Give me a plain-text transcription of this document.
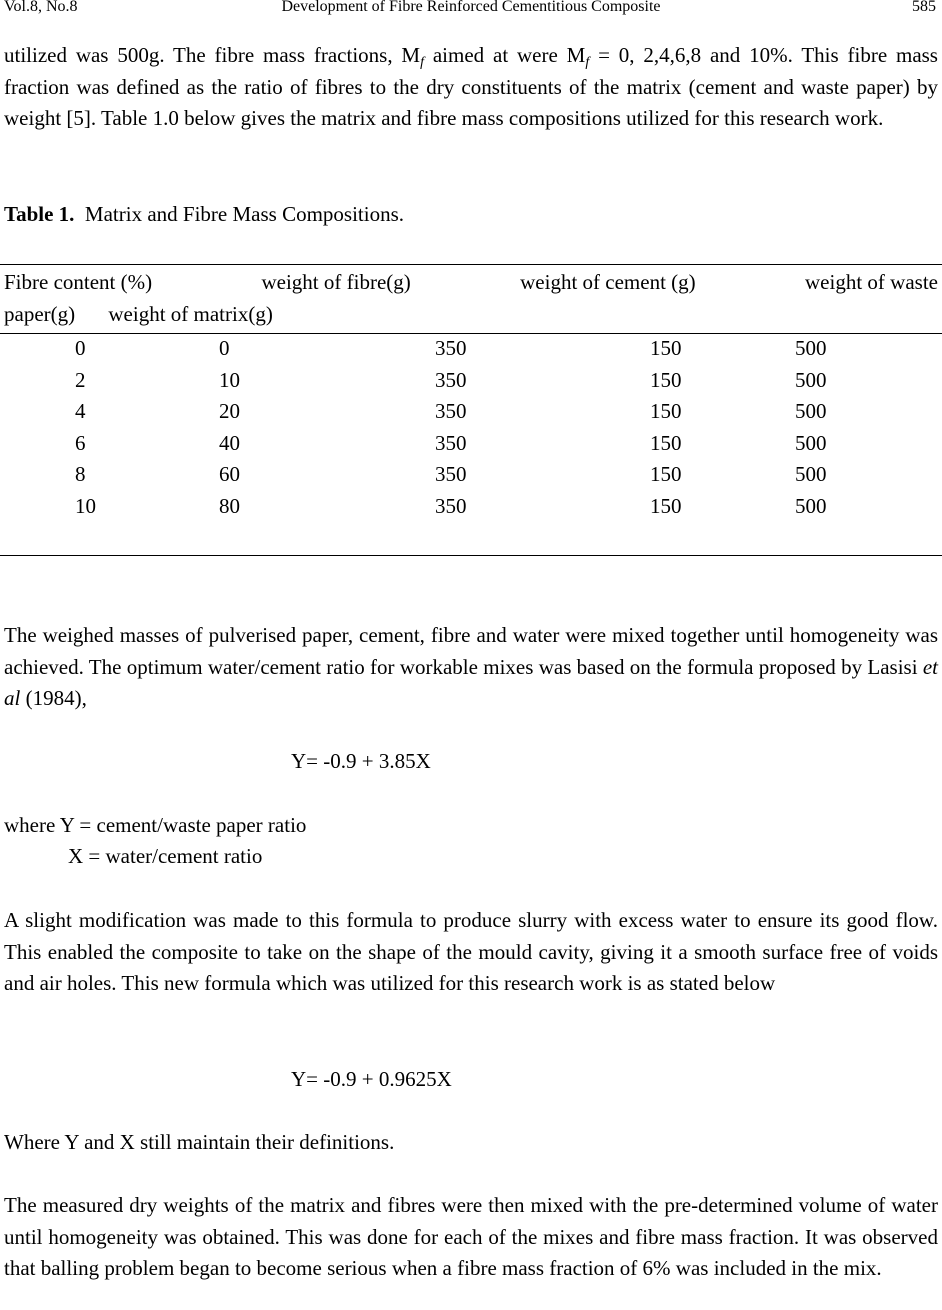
Vol.8, No.8	Development of Fibre Reinforced Cementitious Composite	585

utilized was 500g. The fibre mass fractions, $M_f$ aimed at were $M_f = 0$, 2,4,6,8 and 10%. This fibre mass fraction was defined as the ratio of fibres to the dry constituents of the matrix (cement and waste paper) by weight [5]. Table 1.0 below gives the matrix and fibre mass compositions utilized for this research work.

Table 1. Matrix and Fibre Mass Compositions.
Fibre content (%)	weight of fibre(g)	weight of cement (g)	weight of waste
paper(g) weight of matrix(g)
0	0	350	150	500
2	10	350	150	500
4	20	350	150	500
6	40	350	150	500
8	60	350	150	500
10	80	350	150	500

The weighed masses of pulverised paper, cement, fibre and water were mixed together until homogeneity was achieved. The optimum water/cement ratio for workable mixes was based on the formula proposed by Lasisi et al (1984),

Y= -0.9 + 3.85X
where Y = cement/waste paper ratio
X = water/cement ratio

A slight modification was made to this formula to produce slurry with excess water to ensure its good flow. This enabled the composite to take on the shape of the mould cavity, giving it a smooth surface free of voids and air holes. This new formula which was utilized for this research work is as stated below

Y= -0.9 + 0.9625X
Where Y and X still maintain their definitions.

The measured dry weights of the matrix and fibres were then mixed with the pre-determined volume of water until homogeneity was obtained. This was done for each of the mixes and fibre mass fraction. It was observed that balling problem began to become serious when a fibre mass fraction of 6% was included in the mix.
